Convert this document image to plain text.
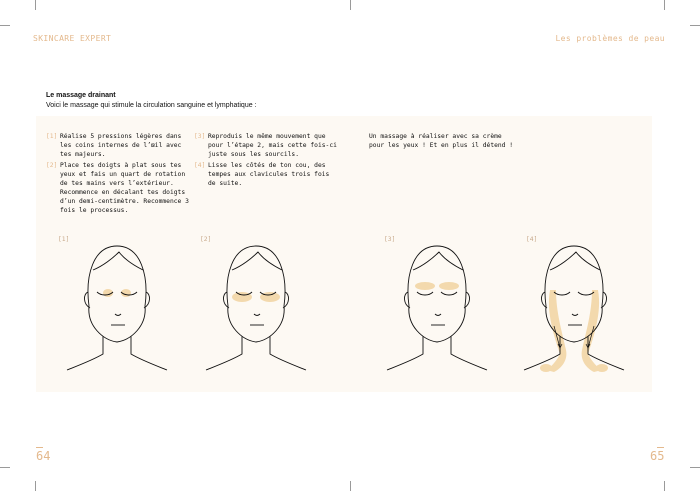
SKINCARE EXPERT	Les problèmes de peau
Le massage drainant
Voici le massage qui stimule la circulation sanguine et lymphatique :
[1] Réalise 5 pressions légères dans les coins internes de l’œil avec tes majeurs.
[2] Place tes doigts à plat sous tes yeux et fais un quart de rotation de tes mains vers l’extérieur. Recommence en décalant tes doigts d’un demi-centimètre. Recommence 3 fois le processus.
[3] Reproduis le même mouvement que pour l’étape 2, mais cette fois-ci juste sous les sourcils.
[4] Lisse les côtés de ton cou, des tempes aux clavicules trois fois de suite.
Un massage à réaliser avec sa crème pour les yeux ! Et en plus il détend !
[1]	[2]	[3]	[4]
64	65
